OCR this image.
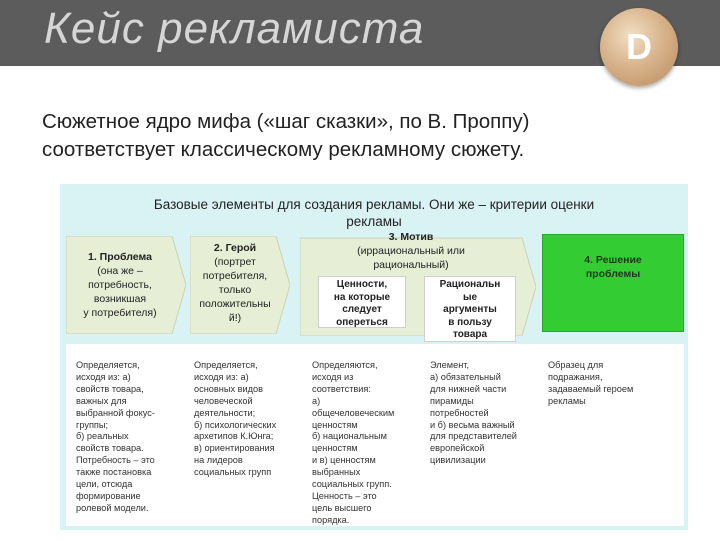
Кейс рекламиста	D
Сюжетное ядро мифа («шаг сказки», по В. Проппу)
соответствует классическому рекламному сюжету.
Базовые элементы для создания рекламы. Они же – критерии оценки
рекламы
1. Проблема
(она же –
потребность,
возникшая
у потребителя)
2. Герой
(портрет
потребителя,
только
положительны
й!)
3. Мотив
(иррациональный или
рациональный)
Ценности,
на которые
следует
опереться
Рациональн
ые
аргументы
в пользу
товара
4. Решение
проблемы
Определяется,
исходя из: а)
свойств товара,
важных для
выбранной фокус-
группы;
б) реальных
свойств товара.
Потребность – это
также постановка
цели, отсюда
формирование
ролевой модели.
Определяется,
исходя из: а)
основных видов
человеческой
деятельности;
б) психологических
архетипов К.Юнга;
в) ориентирования
на лидеров
социальных групп
Определяются,
исходя из
соответствия:
а)
общечеловеческим
ценностям
б) национальным
ценностям
и в) ценностям
выбранных
социальных групп.
Ценность – это
цель высшего
порядка.
Элемент,
а) обязательный
для нижней части
пирамиды
потребностей
и б) весьма важный
для представителей
европейской
цивилизации
Образец для
подражания,
задаваемый героем
рекламы
